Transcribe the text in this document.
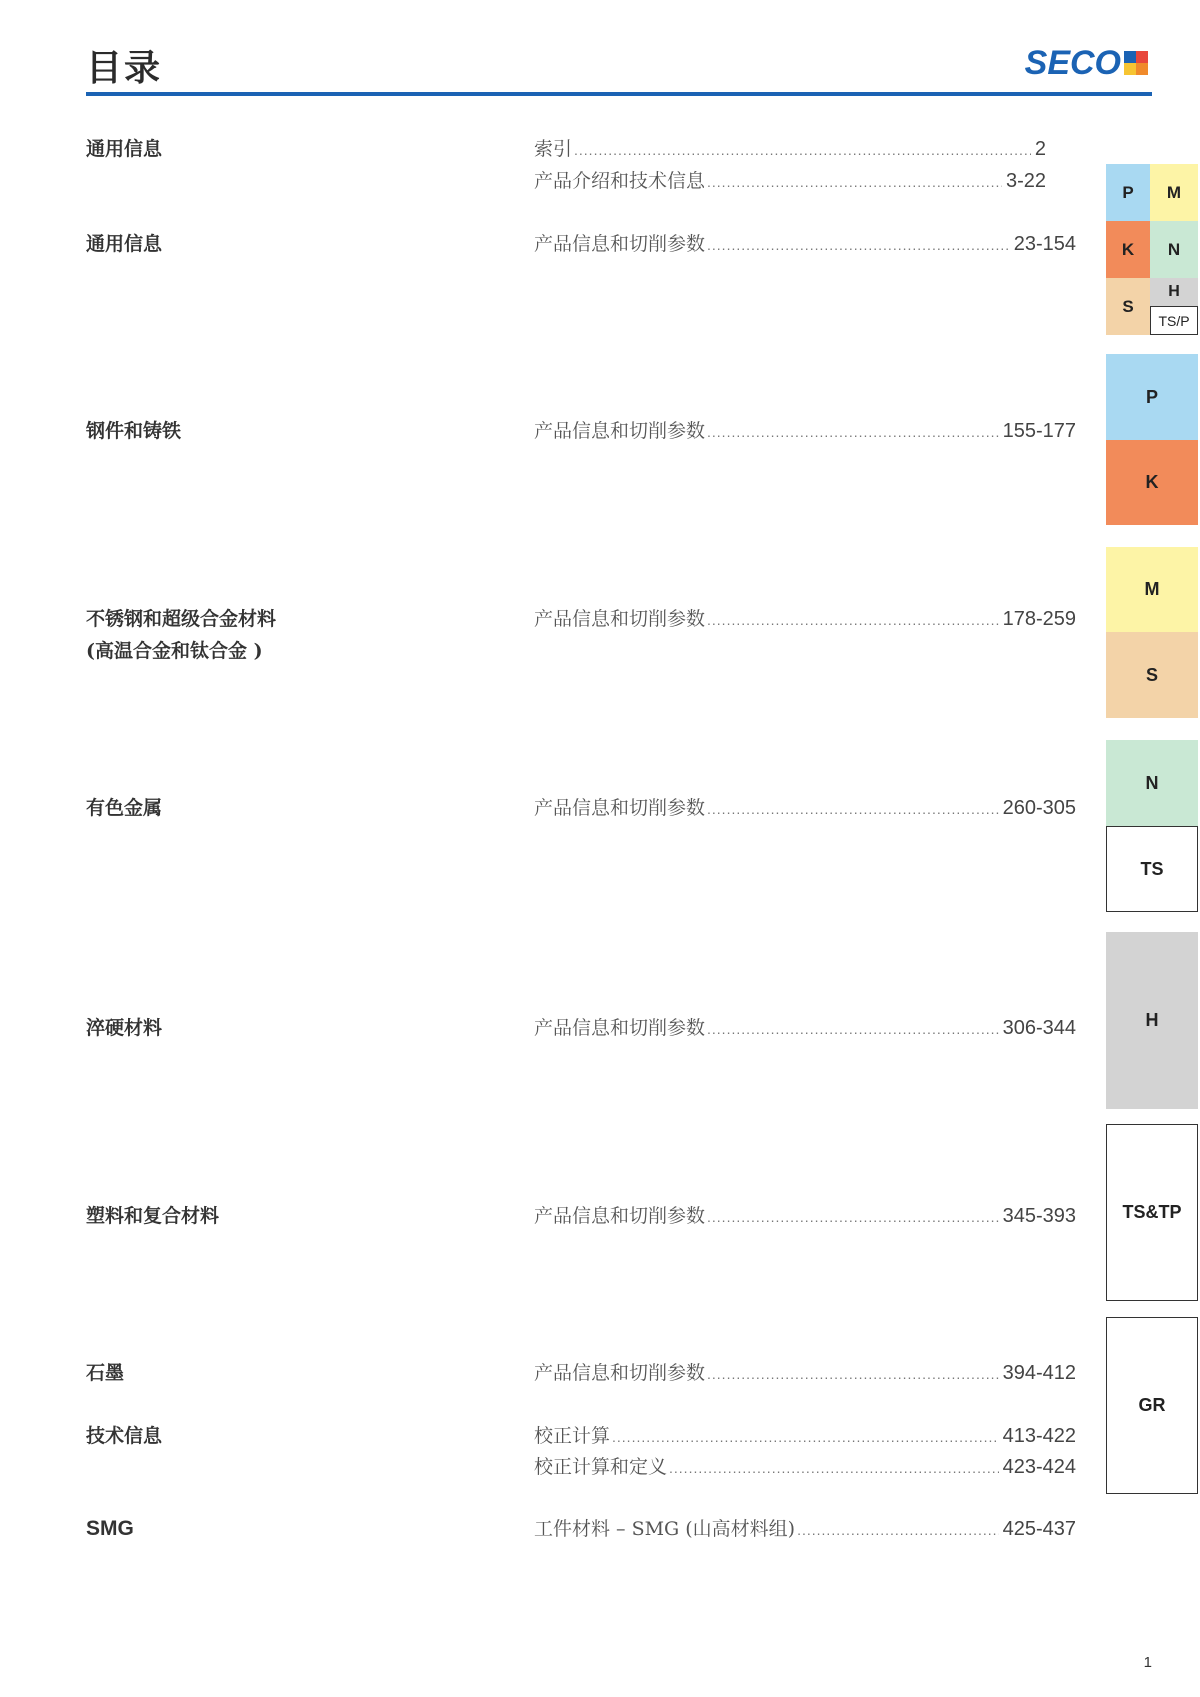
目录	SECO
通用信息	索引 .....	2
产品介绍和技术信息 .....	3-22
通用信息	产品信息和切削参数 .....	23-154
钢件和铸铁	产品信息和切削参数 .....	155-177
不锈钢和超级合金材料
(高温合金和钛合金 )
产品信息和切削参数 .....	178-259
有色金属	产品信息和切削参数 .....	260-305
淬硬材料	产品信息和切削参数 .....	306-344
塑料和复合材料	产品信息和切削参数 .....	345-393
石墨	产品信息和切削参数 .....	394-412
技术信息	校正计算 .....	413-422
校正计算和定义 .....	423-424
SMG	工件材料 – SMG (山高材料组) .....	425-437
P	M
K	N
S
H
TS/P
P
K
M
S
N
TS
H
TS&TP
GR
1
